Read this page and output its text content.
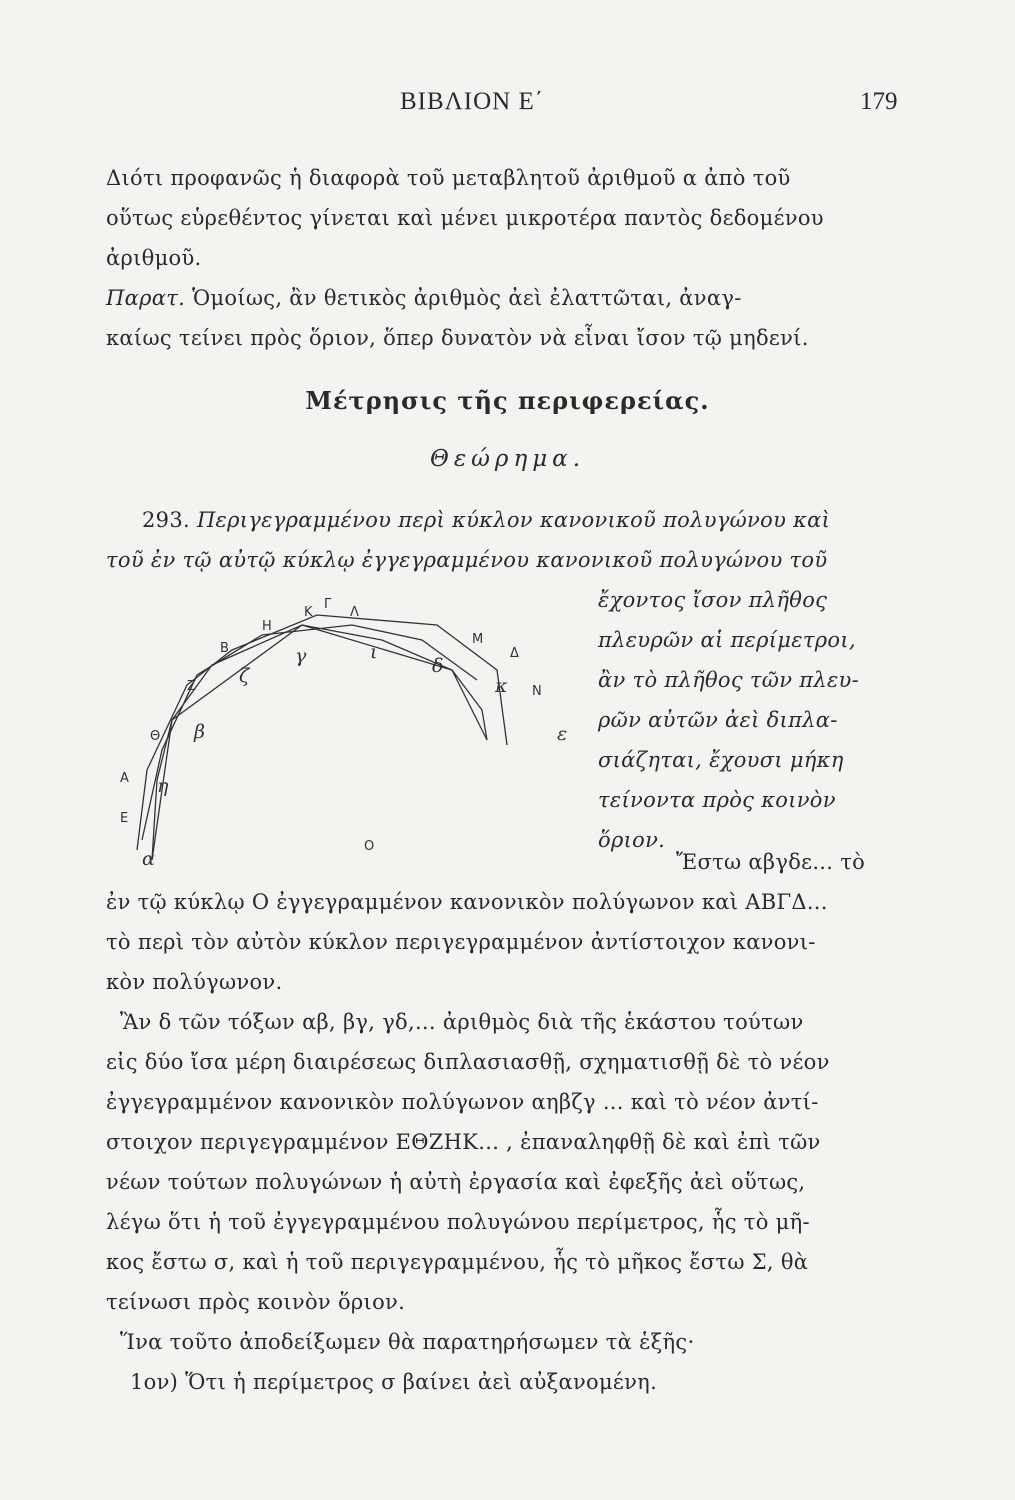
ΒΙΒΛΙΟΝ Ε΄	179
Διότι προφανῶς ἡ διαφορὰ τοῦ μεταβλητοῦ ἀριθμοῦ α ἀπὸ τοῦ
οὕτως εὑρεθέντος γίνεται καὶ μένει μικροτέρα παντὸς δεδομένου
ἀριθμοῦ.
Παρατ. Ὁμοίως, ἂν θετικὸς ἀριθμὸς ἀεὶ ἐλαττῶται, ἀναγ-
καίως τείνει πρὸς ὅριον, ὅπερ δυνατὸν νὰ εἶναι ἴσον τῷ μηδενί.
Μέτρησις τῆς περιφερείας.
Θεώρημα.
293. Περιγεγραμμένου περὶ κύκλον κανονικοῦ πολυγώνου καὶ
τοῦ ἐν τῷ αὐτῷ κύκλῳ ἐγγεγραμμένου κανονικοῦ πολυγώνου τοῦ
ἔχοντος ἴσον πλῆθος
πλευρῶν αἱ περίμετροι,
ἂν τὸ πλῆθος τῶν πλευ-
ρῶν αὐτῶν ἀεὶ διπλα-
σιάζηται, ἔχουσι μήκη
τείνοντα πρὸς κοινὸν
ὅριον.
Γ
Κ	Λ
Η
Μ
Β	Δ
Ζ	Ν
Θ
Α
Ε
Ο
γ	δ
ε
ζ
β
η
α
ι
κ
Ἔστω αβγδε... τὸ
ἐν τῷ κύκλῳ Ο ἐγγεγραμμένον κανονικὸν πολύγωνον καὶ ΑΒΓΔ...
τὸ περὶ τὸν αὐτὸν κύκλον περιγεγραμμένον ἀντίστοιχον κανονι-
κὸν πολύγωνον.
Ἂν δ τῶν τόξων αβ, βγ, γδ,... ἀριθμὸς διὰ τῆς ἑκάστου τούτων
εἰς δύο ἴσα μέρη διαιρέσεως διπλασιασθῇ, σχηματισθῇ δὲ τὸ νέον
ἐγγεγραμμένον κανονικὸν πολύγωνον αηβζγ ... καὶ τὸ νέον ἀντί-
στοιχον περιγεγραμμένον ΕΘΖΗΚ... , ἐπαναληφθῇ δὲ καὶ ἐπὶ τῶν
νέων τούτων πολυγώνων ἡ αὐτὴ ἐργασία καὶ ἐφεξῆς ἀεὶ οὕτως,
λέγω ὅτι ἡ τοῦ ἐγγεγραμμένου πολυγώνου περίμετρος, ἧς τὸ μῆ-
κος ἔστω σ, καὶ ἡ τοῦ περιγεγραμμένου, ἧς τὸ μῆκος ἔστω Σ, θὰ
τείνωσι πρὸς κοινὸν ὅριον.
Ἵνα τοῦτο ἀποδείξωμεν θὰ παρατηρήσωμεν τὰ ἑξῆς·
1ον) Ὅτι ἡ περίμετρος σ βαίνει ἀεὶ αὐξανομένη.
